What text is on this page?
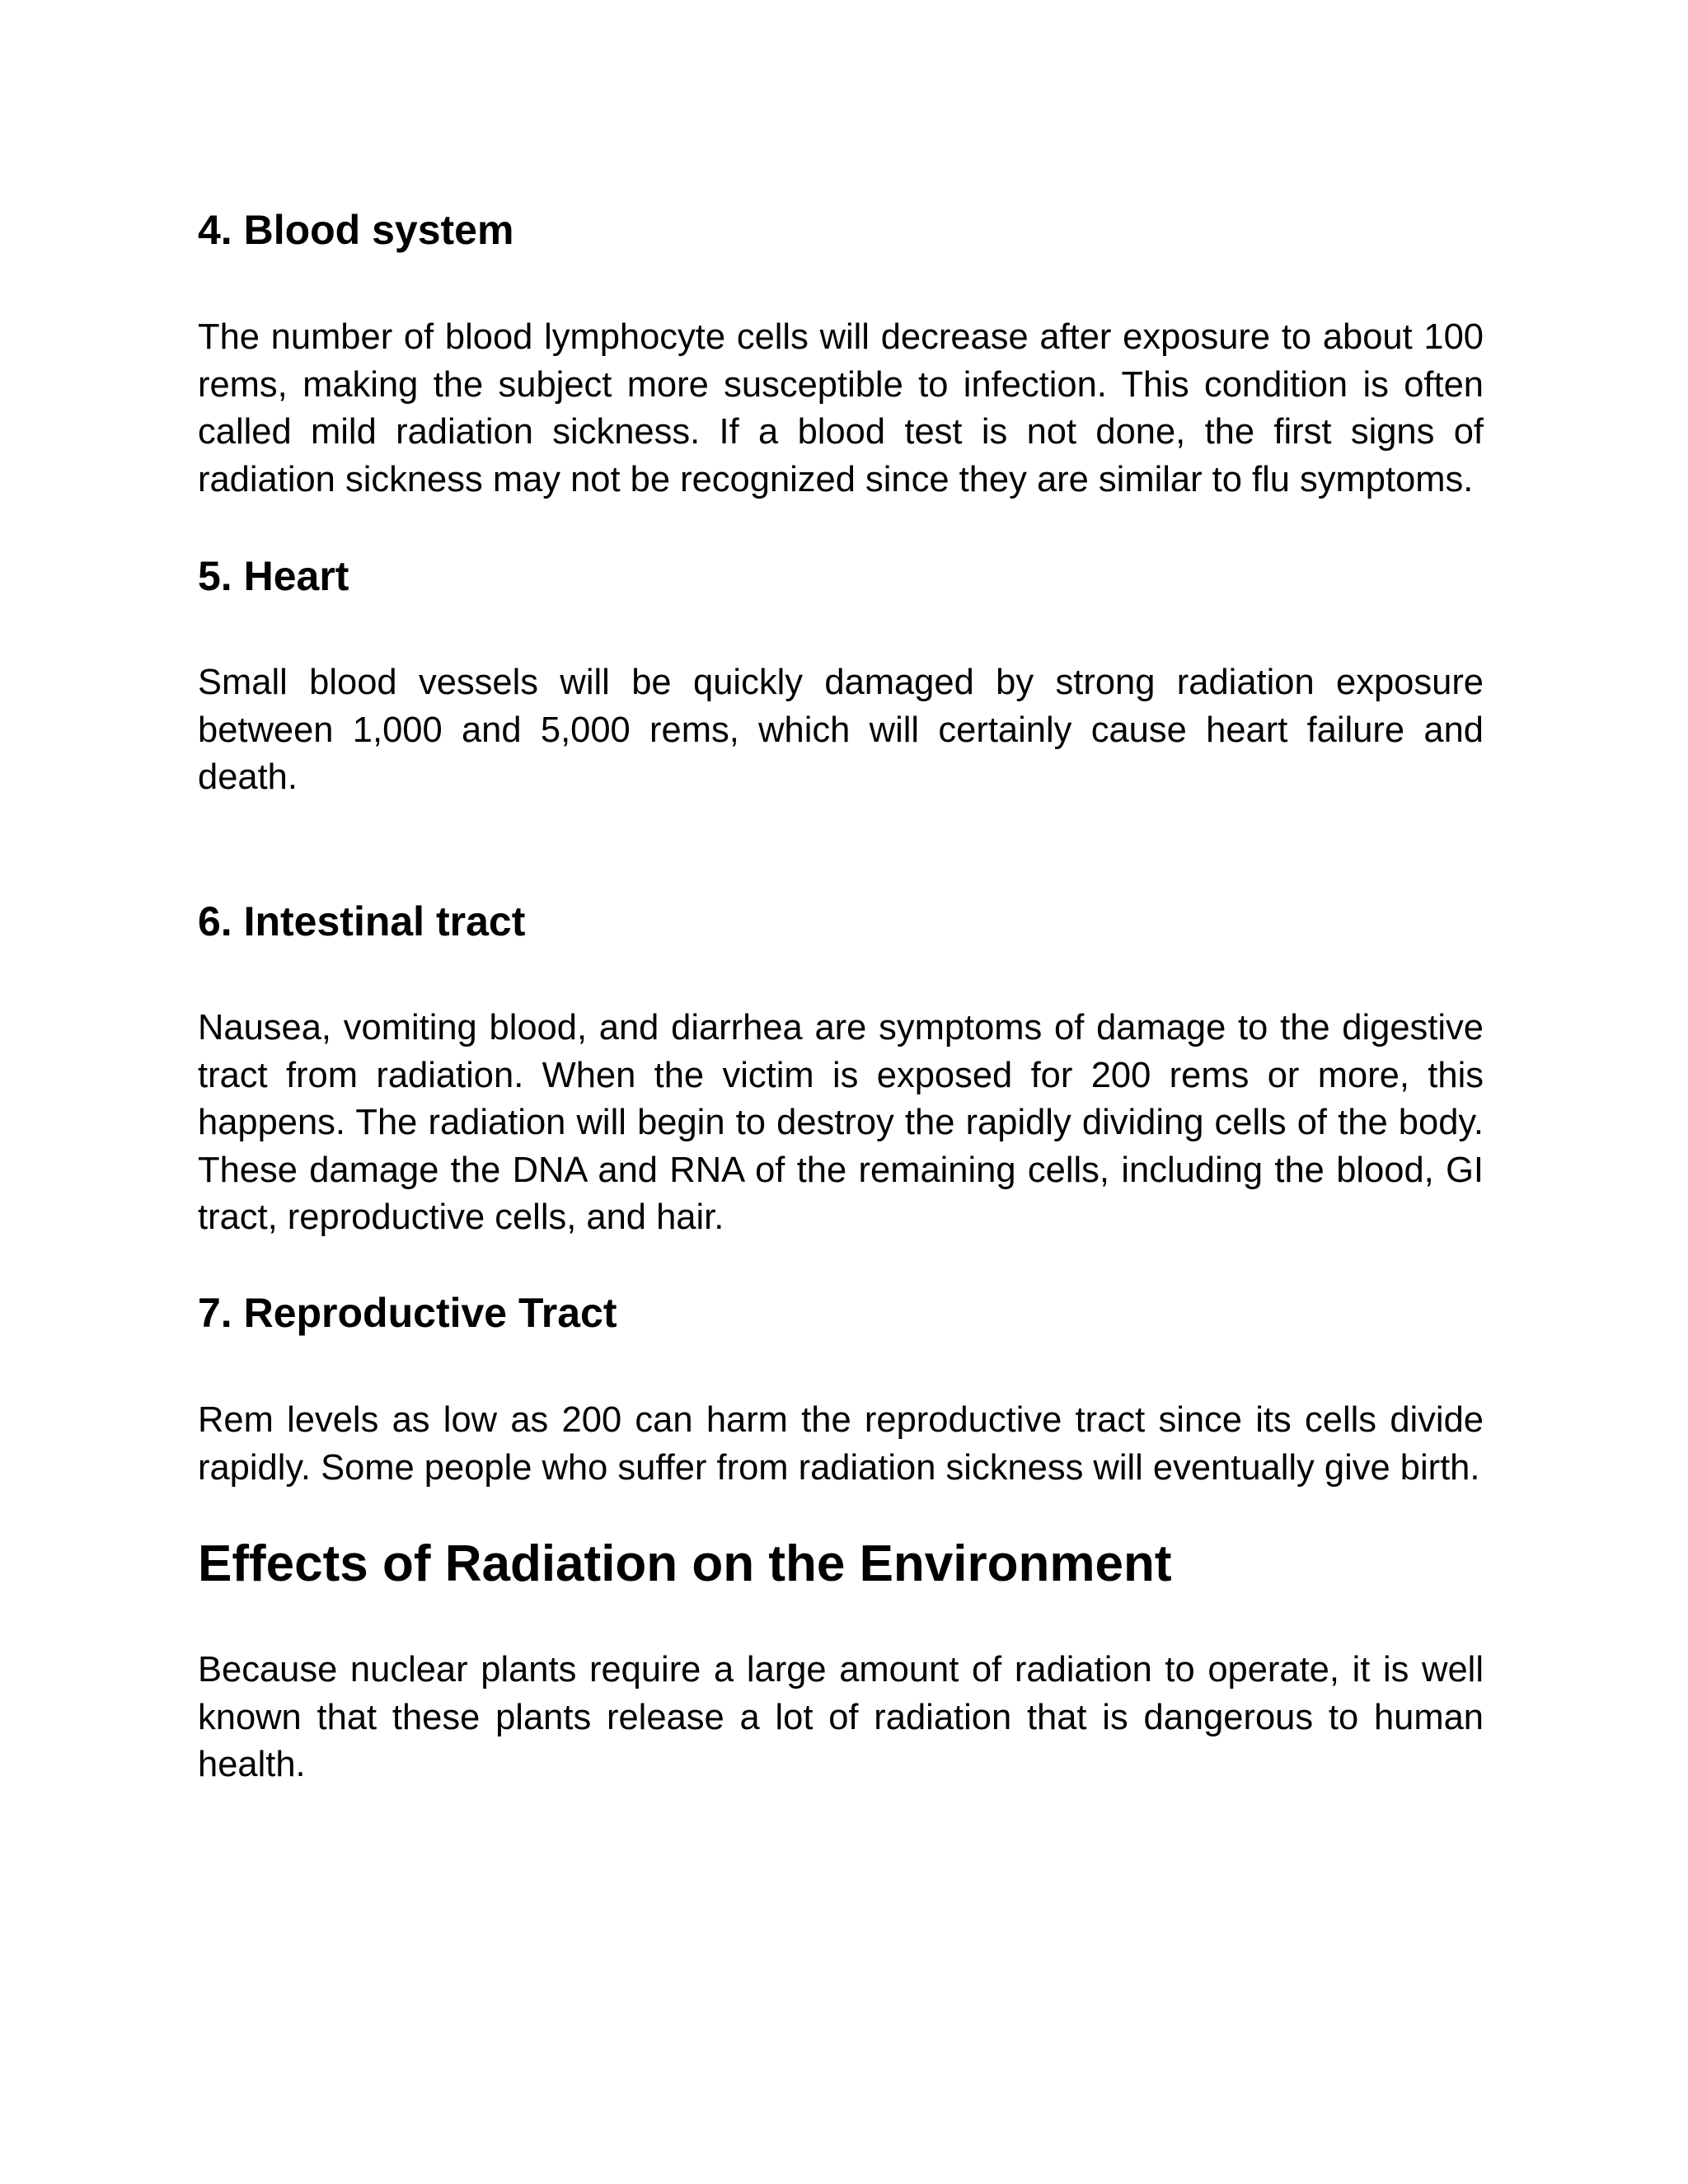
4. Blood system

The number of blood lymphocyte cells will decrease after exposure to about 100 rems, making the subject more susceptible to infection. This condition is often called mild radiation sickness. If a blood test is not done, the first signs of radiation sickness may not be recognized since they are similar to flu symptoms.

5. Heart

Small blood vessels will be quickly damaged by strong radiation exposure between 1,000 and 5,000 rems, which will certainly cause heart failure and death.

6. Intestinal tract

Nausea, vomiting blood, and diarrhea are symptoms of damage to the digestive tract from radiation. When the victim is exposed for 200 rems or more, this happens. The radiation will begin to destroy the rapidly dividing cells of the body. These damage the DNA and RNA of the remaining cells, including the blood, GI tract, reproductive cells, and hair.

7. Reproductive Tract

Rem levels as low as 200 can harm the reproductive tract since its cells divide rapidly. Some people who suffer from radiation sickness will eventually give birth.

Effects of Radiation on the Environment

Because nuclear plants require a large amount of radiation to operate, it is well known that these plants release a lot of radiation that is dangerous to human health.
